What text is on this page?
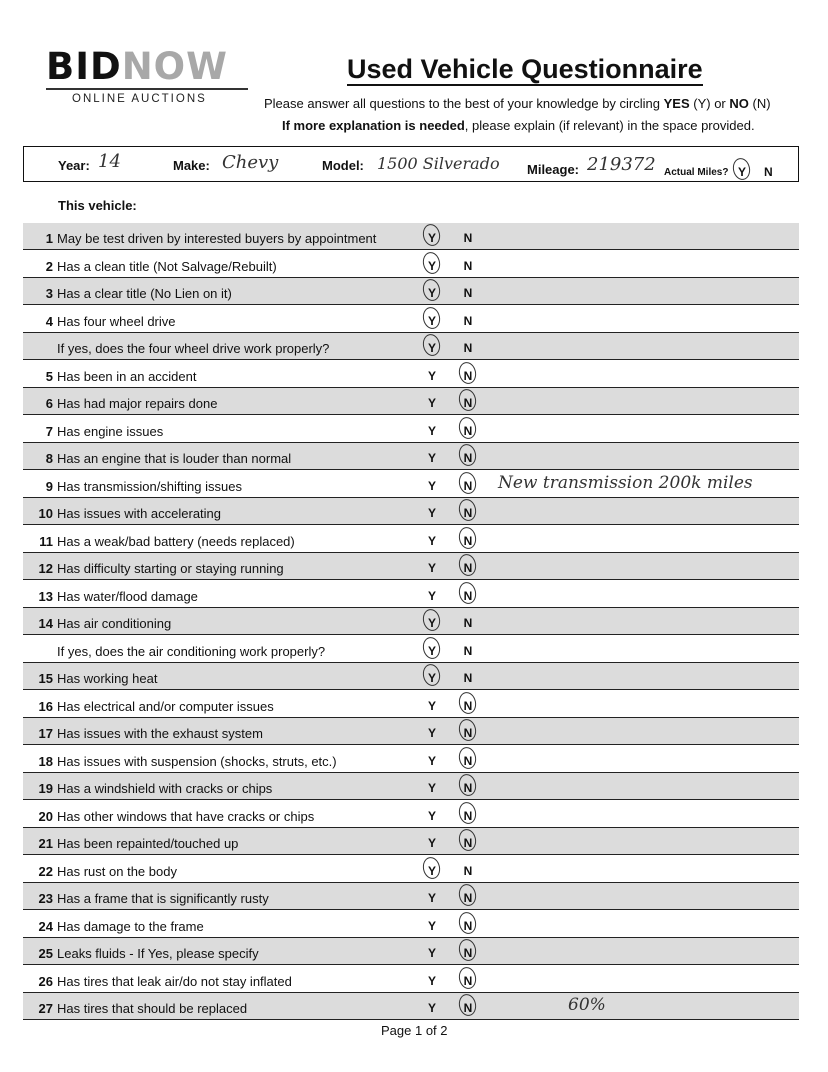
BIDNOW
ONLINE AUCTIONS
Used Vehicle Questionnaire
Please answer all questions to the best of your knowledge by circling YES (Y) or NO (N)
If more explanation is needed, please explain (if relevant) in the space provided.
Year: 14	Make: Chevy	Model: 1500 Silverado Mileage: 219372 Actual Miles? Y N
This vehicle:
1 May be test driven by interested buyers by appointment	Y N
2 Has a clean title (Not Salvage/Rebuilt)	Y N
3 Has a clear title (No Lien on it)	Y N
4 Has four wheel drive	Y N
If yes, does the four wheel drive work properly?	Y N
5 Has been in an accident	Y N
6 Has had major repairs done	Y N
7 Has engine issues	Y N
8 Has an engine that is louder than normal	Y N
9 Has transmission/shifting issues	Y N New transmission 200k miles
10 Has issues with accelerating	Y N
11 Has a weak/bad battery (needs replaced)	Y N
12 Has difficulty starting or staying running	Y N
13 Has water/flood damage	Y N
14 Has air conditioning	Y N
If yes, does the air conditioning work properly?	Y N
15 Has working heat	Y N
16 Has electrical and/or computer issues	Y N
17 Has issues with the exhaust system	Y N
18 Has issues with suspension (shocks, struts, etc.)	Y N
19 Has a windshield with cracks or chips	Y N
20 Has other windows that have cracks or chips	Y N
21 Has been repainted/touched up	Y N
22 Has rust on the body	Y N
23 Has a frame that is significantly rusty	Y N
24 Has damage to the frame	Y N
25 Leaks fluids - If Yes, please specify	Y N
26 Has tires that leak air/do not stay inflated	Y N
27 Has tires that should be replaced	Y N	60%
Page 1 of 2
